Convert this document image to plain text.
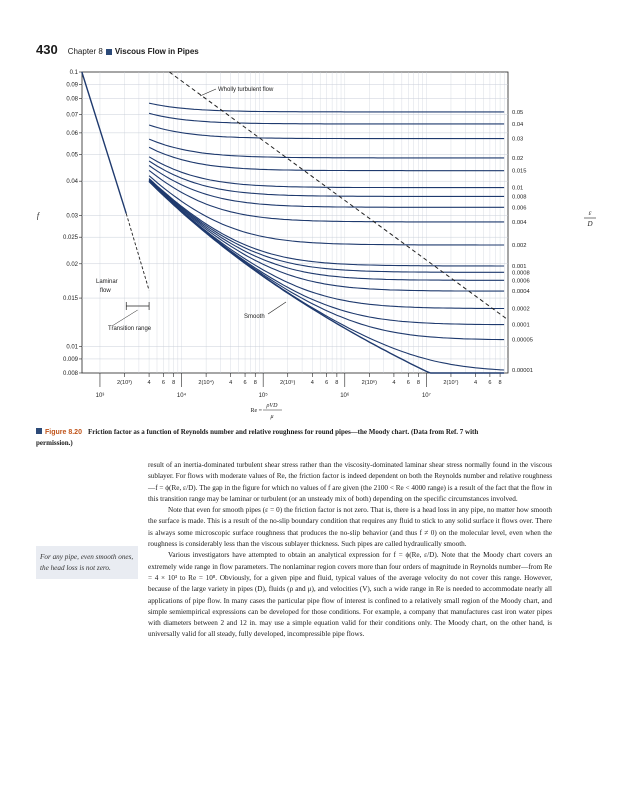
430 Chapter 8 Viscous Flow in Pipes
0.1
0.09
0.08
0.07
0.06
0.05
0.04
0.03
0.025
0.02
0.015
0.01
0.009
0.008
2(10³)	4 6 8	2(10⁴)	4 6 8	2(10⁵)	4 6 8	2(10⁶)	4 6 8	2(10⁷)	4 6 8
10³	10⁴	10⁵	10⁶	10⁷
0.05
0.04
0.03
0.02
0.015
0.01
0.008
0.006
0.004
0.002
0.001
0.0008
0.0006
0.0004
0.0002
0.0001
0.00005
0.00001
Wholly turbulent flow
Laminar
flow
Transition range
Smooth
f	ε
D
Re =
ρVD
μ
Figure 8.20 Friction factor as a function of Reynolds number and relative roughness for round pipes—the Moody chart. (Data from Ref. 7 with permission.)
For any pipe, even smooth ones, the head loss is not zero.

result of an inertia-dominated turbulent shear stress rather than the viscosity-dominated laminar shear stress normally found in the viscous sublayer. For flows with moderate values of Re, the friction factor is indeed dependent on both the Reynolds number and relative roughness—f = ϕ(Re, ε/D). The gap in the figure for which no values of f are given (the 2100 < Re < 4000 range) is a result of the fact that the flow in this transition range may be laminar or turbulent (or an unsteady mix of both) depending on the specific circumstances involved.

Note that even for smooth pipes (ε = 0) the friction factor is not zero. That is, there is a head loss in any pipe, no matter how smooth the surface is made. This is a result of the no-slip boundary condition that requires any fluid to stick to any solid surface it flows over. There is always some microscopic surface roughness that produces the no-slip behavior (and thus f ≠ 0) on the molecular level, even when the roughness is considerably less than the viscous sublayer thickness. Such pipes are called hydraulically smooth.

Various investigators have attempted to obtain an analytical expression for f = ϕ(Re, ε/D). Note that the Moody chart covers an extremely wide range in flow parameters. The nonlaminar region covers more than four orders of magnitude in Reynolds number—from Re = 4 × 10³ to Re = 10⁸. Obviously, for a given pipe and fluid, typical values of the average velocity do not cover this range. However, because of the large variety in pipes (D), fluids (ρ and μ), and velocities (V), such a wide range in Re is needed to accommodate nearly all applications of pipe flow. In many cases the particular pipe flow of interest is confined to a relatively small region of the Moody chart, and simple semiempirical expressions can be developed for those conditions. For example, a company that manufactures cast iron water pipes with diameters between 2 and 12 in. may use a simple equation valid for their conditions only. The Moody chart, on the other hand, is universally valid for all steady, fully developed, incompressible pipe flows.
